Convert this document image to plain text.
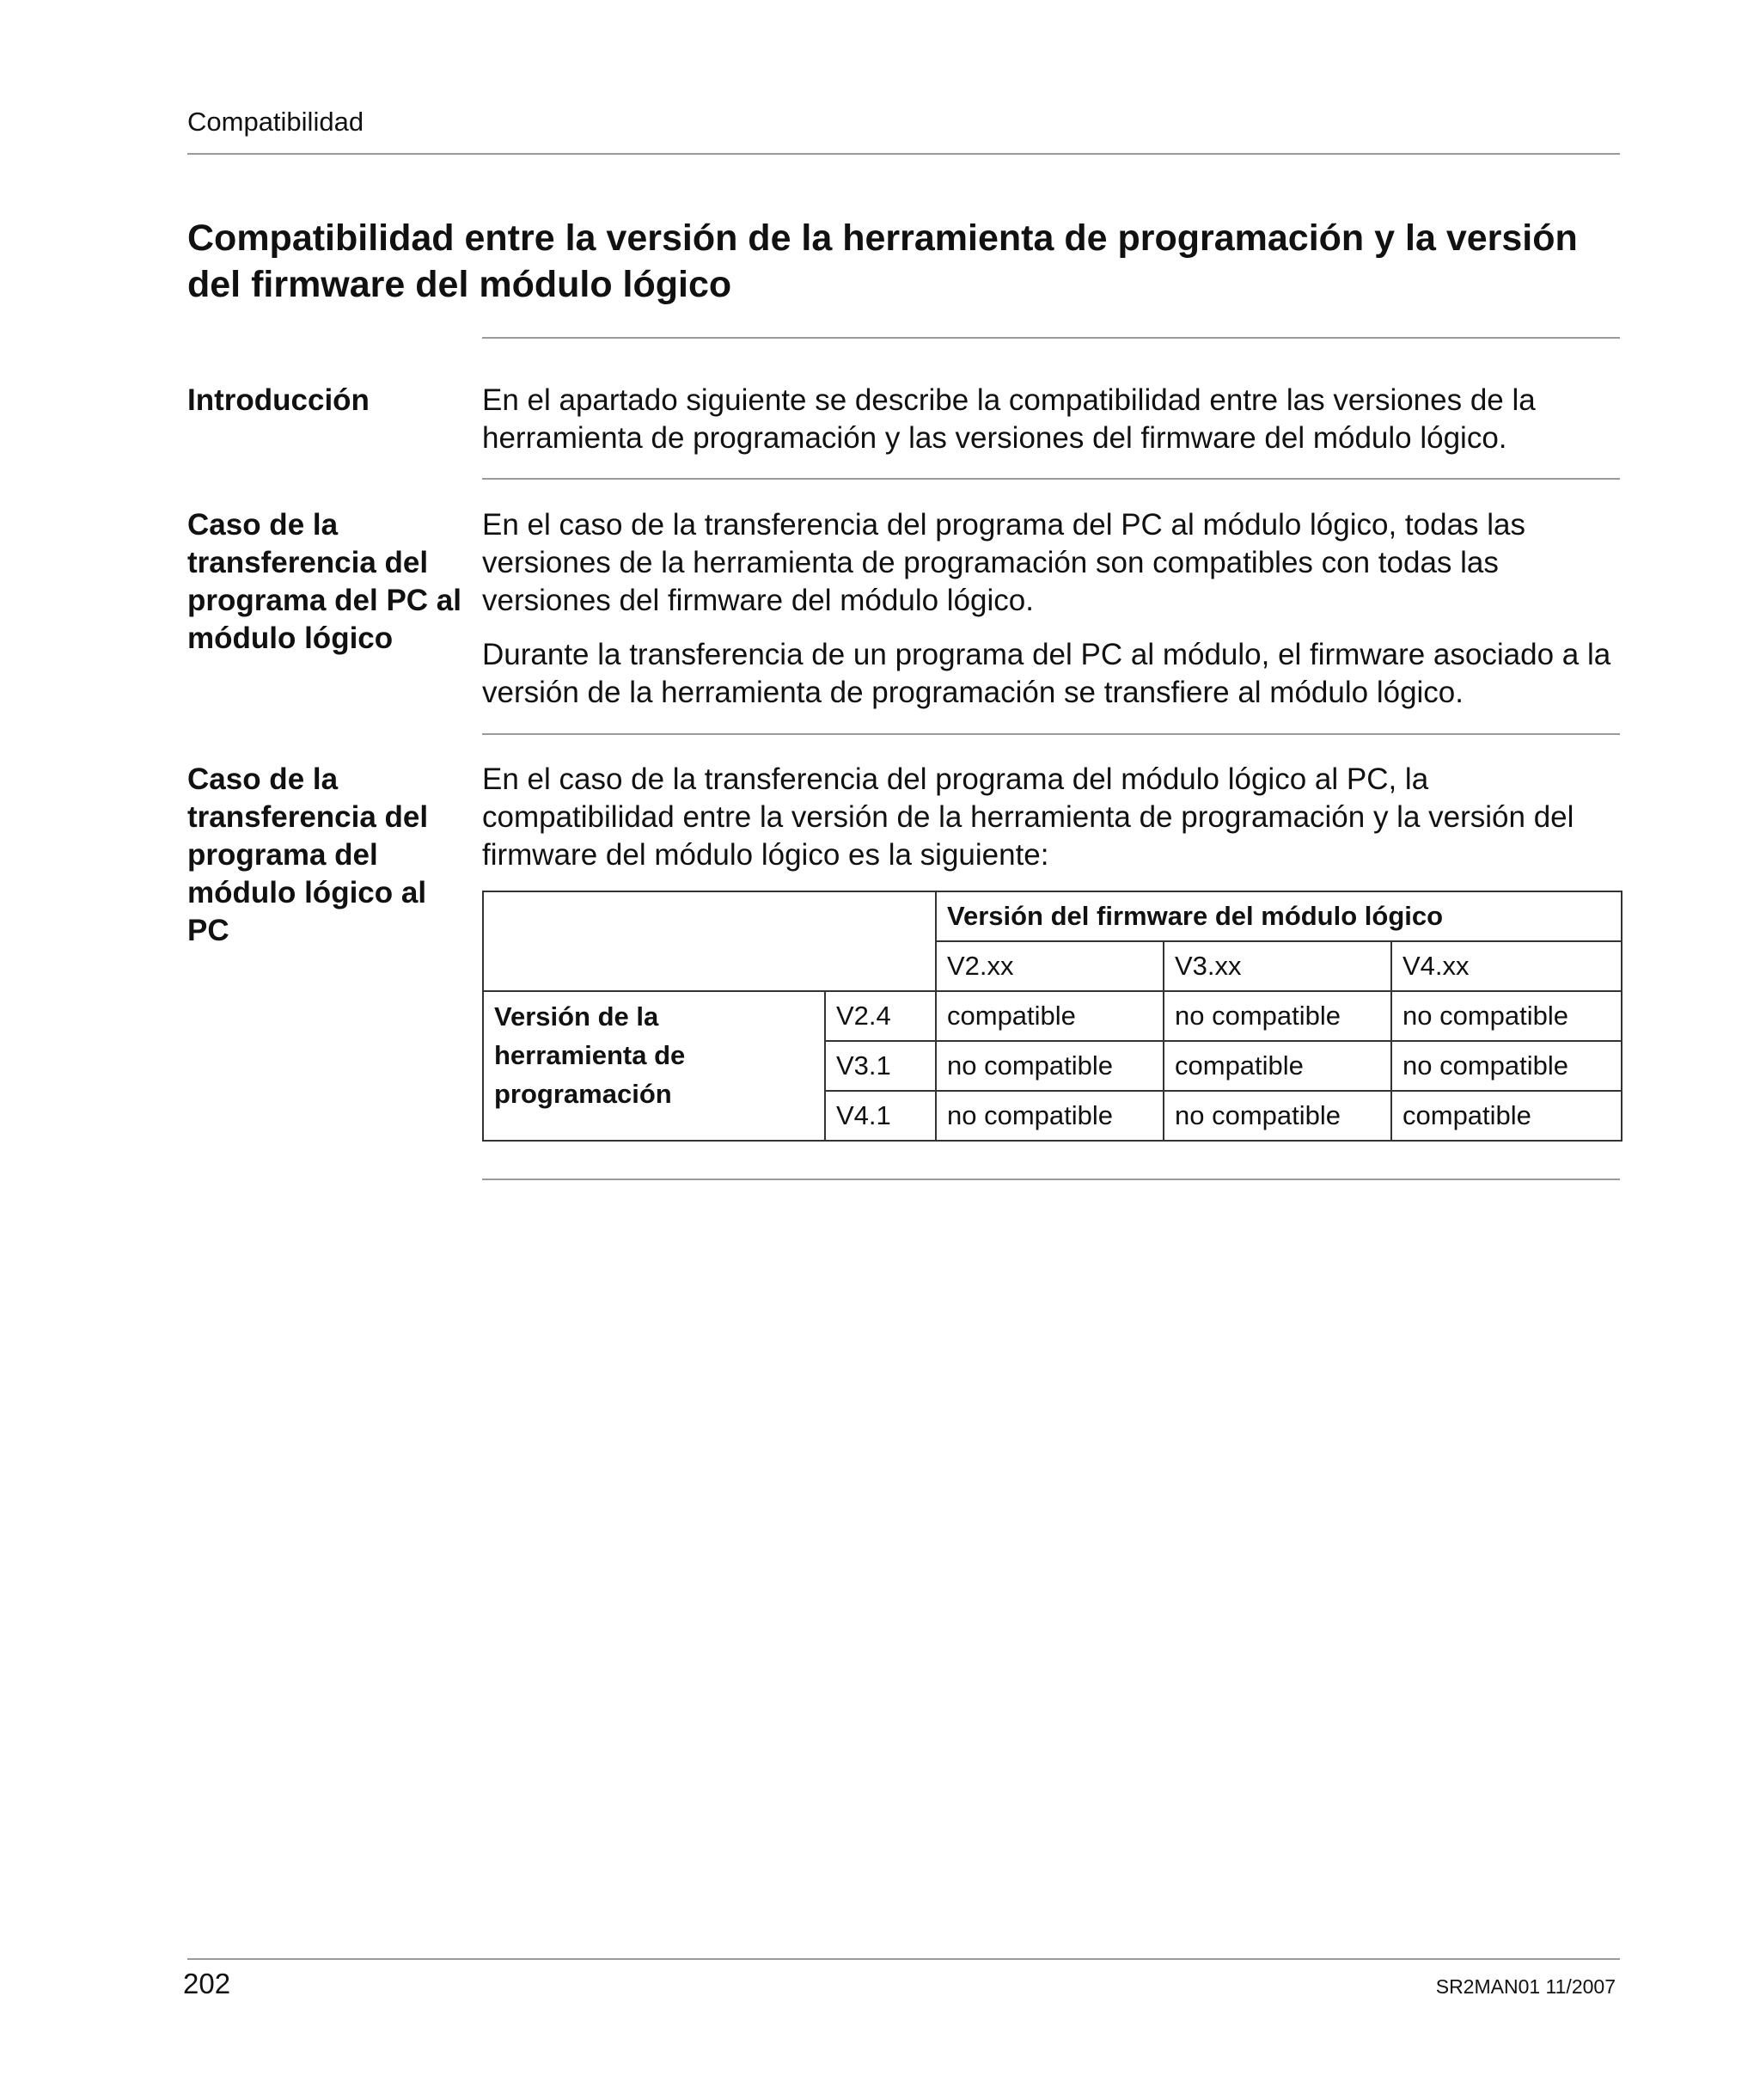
Compatibilidad
Compatibilidad entre la versión de la herramienta de programación y la versión del firmware del módulo lógico
Introducción	En el apartado siguiente se describe la compatibilidad entre las versiones de la herramienta de programación y las versiones del firmware del módulo lógico.

Caso de la transferencia del programa del PC al módulo lógico

En el caso de la transferencia del programa del PC al módulo lógico, todas las versiones de la herramienta de programación son compatibles con todas las versiones del firmware del módulo lógico.

Durante la transferencia de un programa del PC al módulo, el firmware asociado a la versión de la herramienta de programación se transfiere al módulo lógico.

Caso de la transferencia del programa del módulo lógico al PC

En el caso de la transferencia del programa del módulo lógico al PC, la compatibilidad entre la versión de la herramienta de programación y la versión del firmware del módulo lógico es la siguiente:

		Versión del firmware del módulo lógico		
		V2.xx	V3.xx	V4.xx
Versión de la herramienta de programación	V2.4	compatible	no compatible	no compatible
	V3.1	no compatible	compatible	no compatible
	V4.1	no compatible	no compatible	compatible
202	SR2MAN01 11/2007
